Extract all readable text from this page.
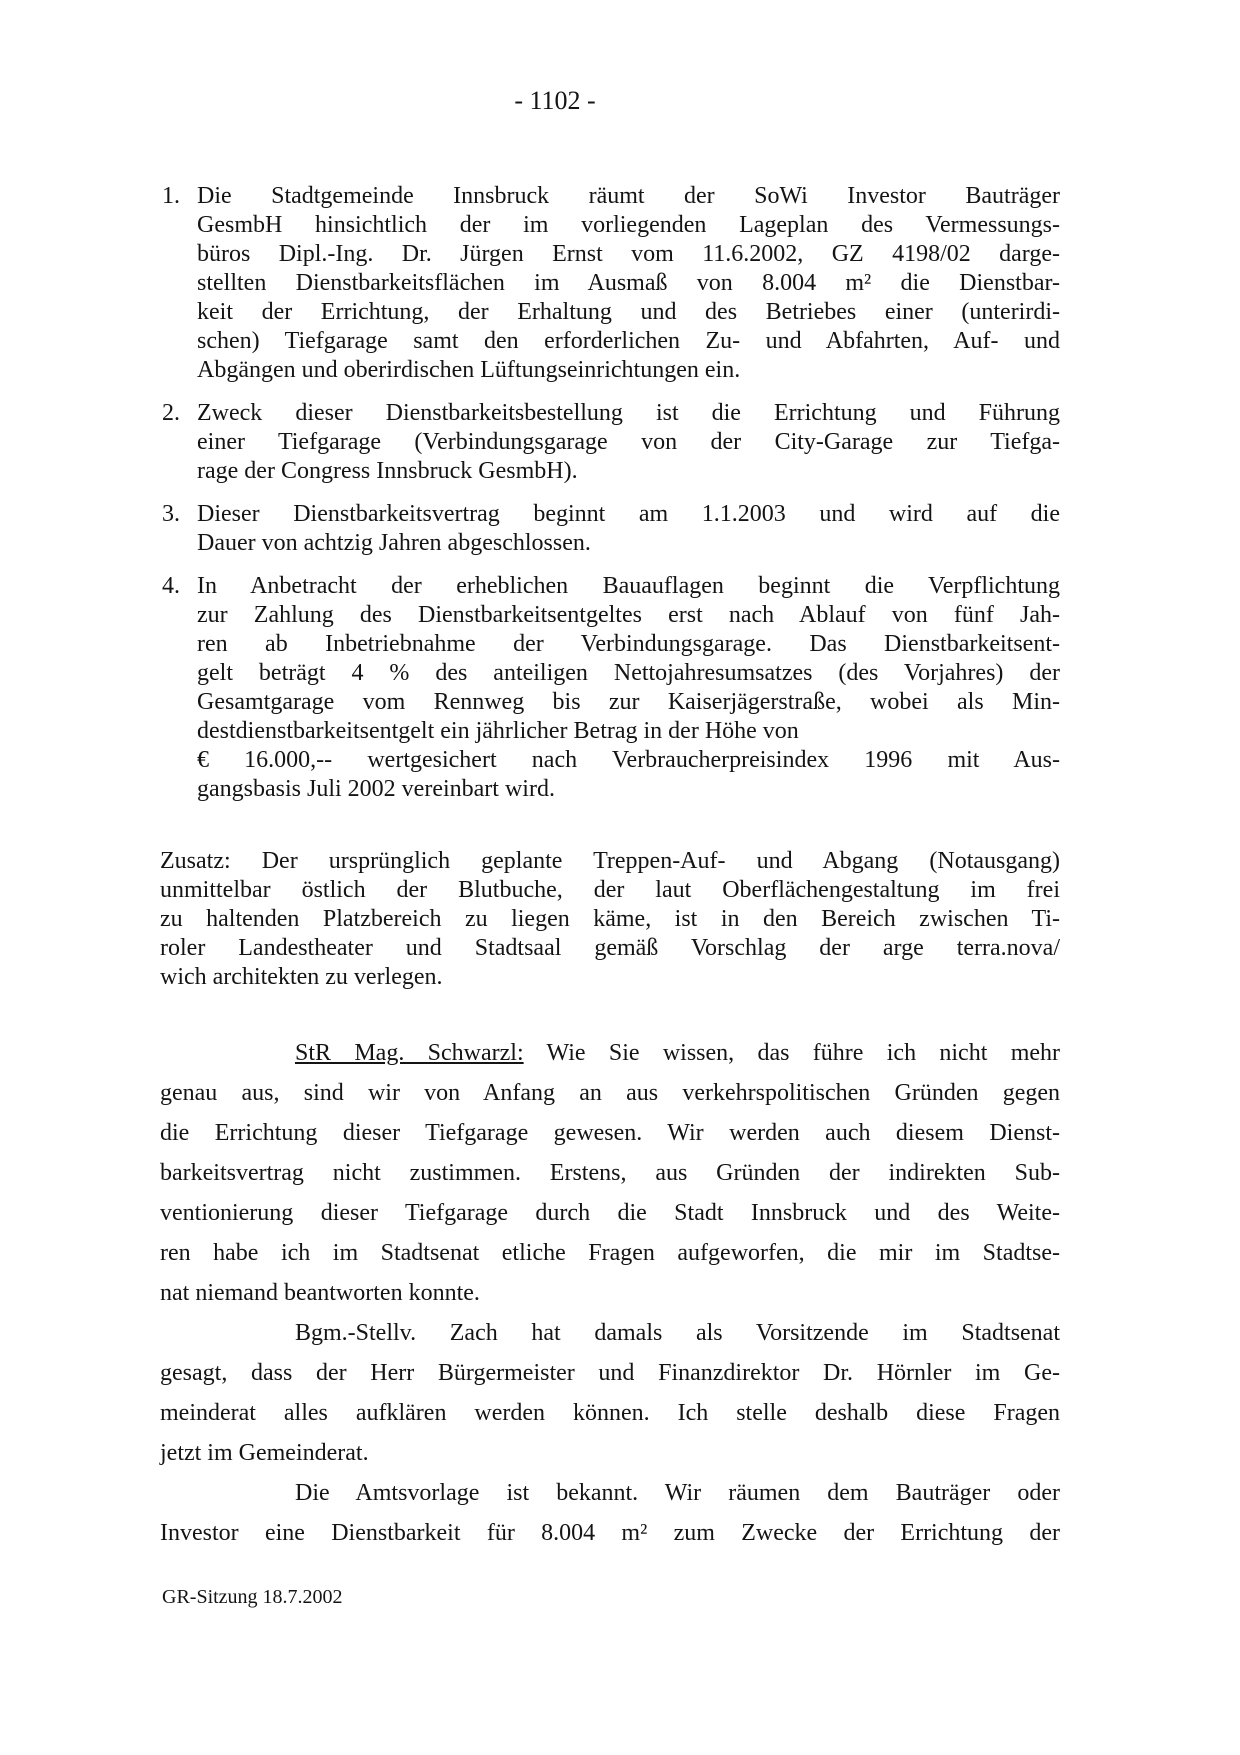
- 1102 -
1. Die Stadtgemeinde Innsbruck räumt der SoWi Investor Bauträger
GesmbH hinsichtlich der im vorliegenden Lageplan des Vermessungs-
büros Dipl.-Ing. Dr. Jürgen Ernst vom 11.6.2002, GZ 4198/02 darge-
stellten Dienstbarkeitsflächen im Ausmaß von 8.004 m² die Dienstbar-
keit der Errichtung, der Erhaltung und des Betriebes einer (unterirdi-
schen) Tiefgarage samt den erforderlichen Zu- und Abfahrten, Auf- und
Abgängen und oberirdischen Lüftungseinrichtungen ein.
2. Zweck dieser Dienstbarkeitsbestellung ist die Errichtung und Führung
einer Tiefgarage (Verbindungsgarage von der City-Garage zur Tiefga-
rage der Congress Innsbruck GesmbH).
3. Dieser Dienstbarkeitsvertrag beginnt am 1.1.2003 und wird auf die
Dauer von achtzig Jahren abgeschlossen.
4. In Anbetracht der erheblichen Bauauflagen beginnt die Verpflichtung
zur Zahlung des Dienstbarkeitsentgeltes erst nach Ablauf von fünf Jah-
ren ab Inbetriebnahme der Verbindungsgarage. Das Dienstbarkeitsent-
gelt beträgt 4 % des anteiligen Nettojahresumsatzes (des Vorjahres) der
Gesamtgarage vom Rennweg bis zur Kaiserjägerstraße, wobei als Min-
destdienstbarkeitsentgelt ein jährlicher Betrag in der Höhe von
€ 16.000,-- wertgesichert nach Verbraucherpreisindex 1996 mit Aus-
gangsbasis Juli 2002 vereinbart wird.
Zusatz: Der ursprünglich geplante Treppen-Auf- und Abgang (Notausgang)
unmittelbar östlich der Blutbuche, der laut Oberflächengestaltung im frei
zu haltenden Platzbereich zu liegen käme, ist in den Bereich zwischen Ti-
roler Landestheater und Stadtsaal gemäß Vorschlag der arge terra.nova/
wich architekten zu verlegen.
StR Mag. Schwarzl: Wie Sie wissen, das führe ich nicht mehr
genau aus, sind wir von Anfang an aus verkehrspolitischen Gründen gegen
die Errichtung dieser Tiefgarage gewesen. Wir werden auch diesem Dienst-
barkeitsvertrag nicht zustimmen. Erstens, aus Gründen der indirekten Sub-
ventionierung dieser Tiefgarage durch die Stadt Innsbruck und des Weite-
ren habe ich im Stadtsenat etliche Fragen aufgeworfen, die mir im Stadtse-
nat niemand beantworten konnte.
Bgm.-Stellv. Zach hat damals als Vorsitzende im Stadtsenat
gesagt, dass der Herr Bürgermeister und Finanzdirektor Dr. Hörnler im Ge-
meinderat alles aufklären werden können. Ich stelle deshalb diese Fragen
jetzt im Gemeinderat.
Die Amtsvorlage ist bekannt. Wir räumen dem Bauträger oder
Investor eine Dienstbarkeit für 8.004 m² zum Zwecke der Errichtung der
GR-Sitzung 18.7.2002
